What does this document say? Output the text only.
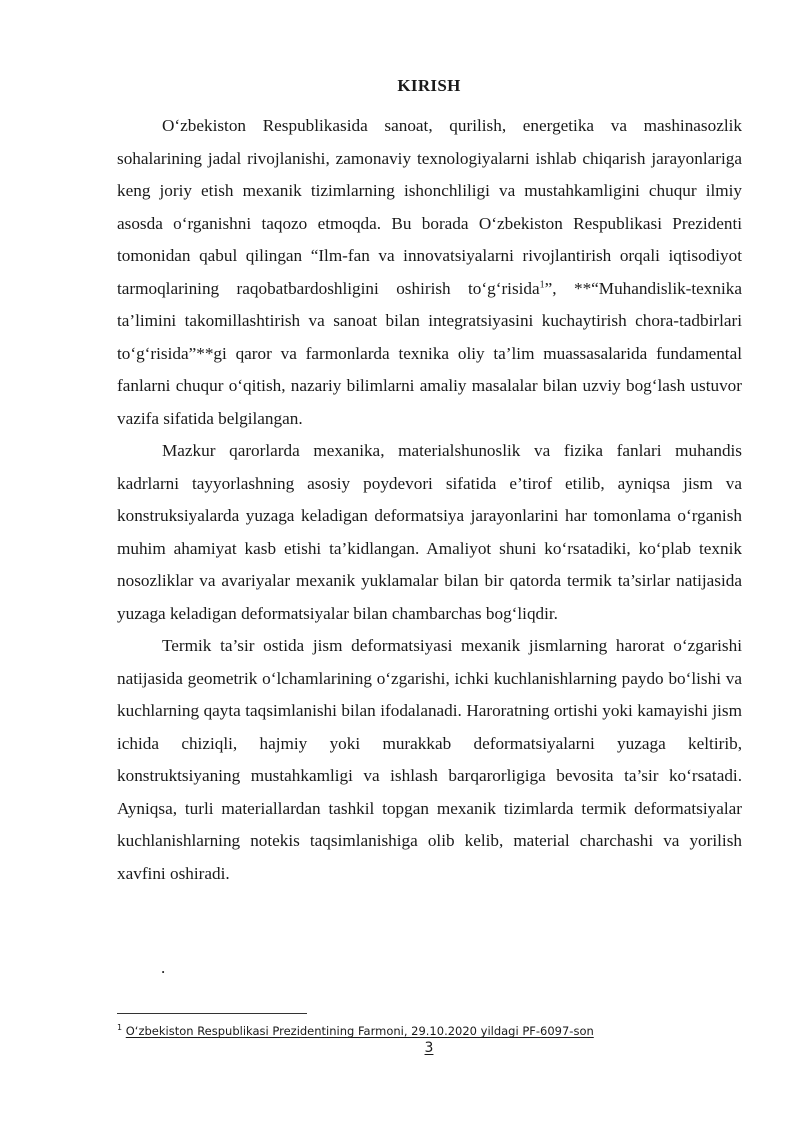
KIRISH

O‘zbekiston Respublikasida sanoat, qurilish, energetika va mashinasozlik sohalarining jadal rivojlanishi, zamonaviy texnologiyalarni ishlab chiqarish jarayonlariga keng joriy etish mexanik tizimlarning ishonchliligi va mustahkamligini chuqur ilmiy asosda o‘rganishni taqozo etmoqda. Bu borada O‘zbekiston Respublikasi Prezidenti tomonidan qabul qilingan “Ilm-fan va innovatsiyalarni rivojlantirish orqali iqtisodiyot tarmoqlarining raqobatbardoshligini oshirish to‘g‘risida$^1$”, **“Muhandislik-texnika ta’limini takomillashtirish va sanoat bilan integratsiyasini kuchaytirish chora-tadbirlari to‘g‘risida”**gi qaror va farmonlarda texnika oliy ta’lim muassasalarida fundamental fanlarni chuqur o‘qitish, nazariy bilimlarni amaliy masalalar bilan uzviy bog‘lash ustuvor vazifa sifatida belgilangan.

Mazkur qarorlarda mexanika, materialshunoslik va fizika fanlari muhandis kadrlarni tayyorlashning asosiy poydevori sifatida e’tirof etilib, ayniqsa jism va konstruksiyalarda yuzaga keladigan deformatsiya jarayonlarini har tomonlama o‘rganish muhim ahamiyat kasb etishi ta’kidlangan. Amaliyot shuni ko‘rsatadiki, ko‘plab texnik nosozliklar va avariyalar mexanik yuklamalar bilan bir qatorda termik ta’sirlar natijasida yuzaga keladigan deformatsiyalar bilan chambarchas bog‘liqdir.

Termik ta’sir ostida jism deformatsiyasi mexanik jismlarning harorat o‘zgarishi natijasida geometrik o‘lchamlarining o‘zgarishi, ichki kuchlanishlarning paydo bo‘lishi va kuchlarning qayta taqsimlanishi bilan ifodalanadi. Haroratning ortishi yoki kamayishi jism ichida chiziqli, hajmiy yoki murakkab deformatsiyalarni yuzaga keltirib, konstruktsiyaning mustahkamligi va ishlash barqarorligiga bevosita ta’sir ko‘rsatadi. Ayniqsa, turli materiallardan tashkil topgan mexanik tizimlarda termik deformatsiyalar kuchlanishlarning notekis taqsimlanishiga olib kelib, material charchashi va yorilish xavfini oshiradi.

.
$^1$ O‘zbekiston Respublikasi Prezidentining Farmoni, 29.10.2020 yildagi PF-6097-son
3
